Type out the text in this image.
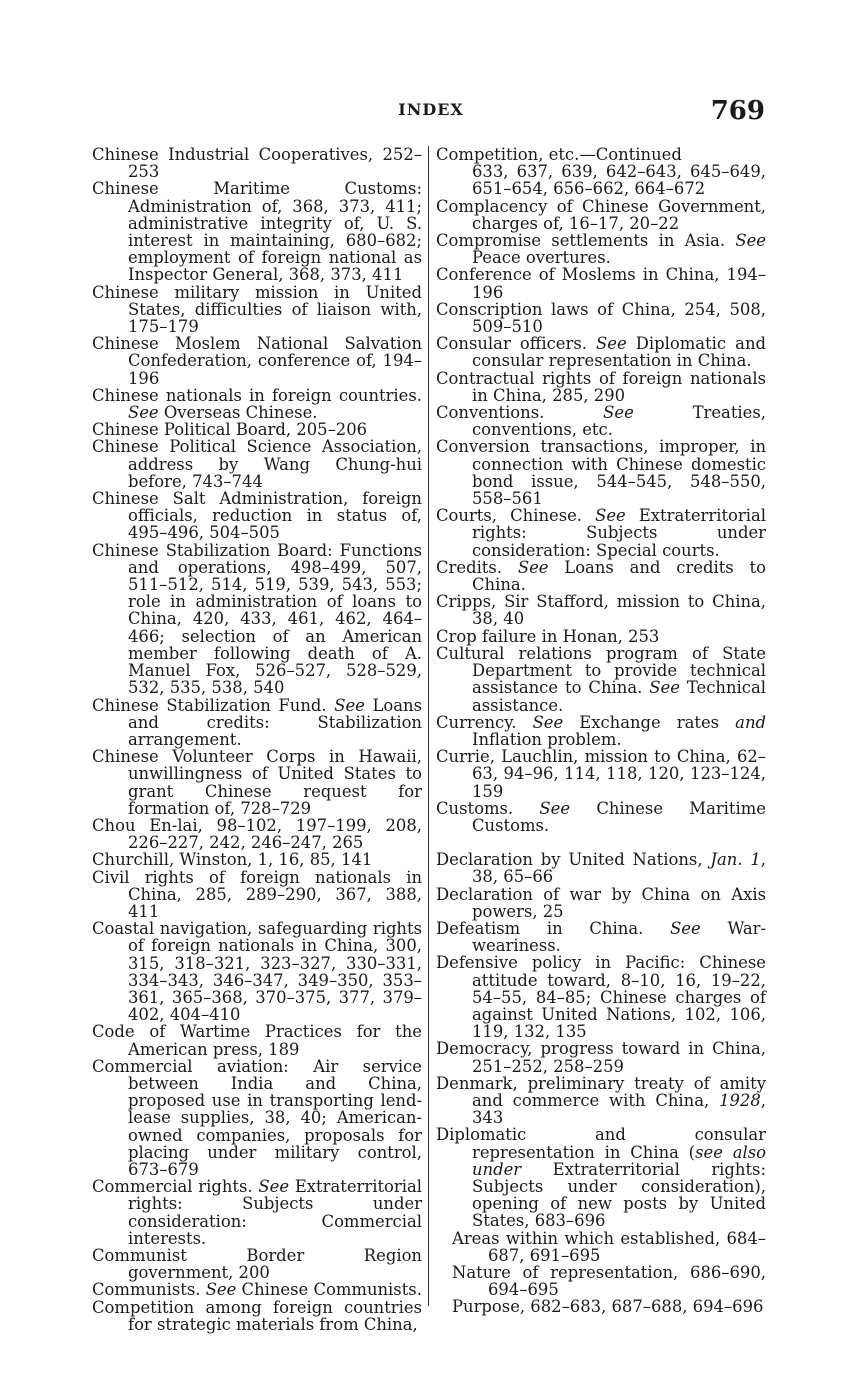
INDEX	769

Chinese Industrial Cooperatives, 252–253

Chinese Maritime Customs: Administration of, 368, 373, 411; administrative integrity of, U. S. interest in maintaining, 680–682; employment of foreign national as Inspector General, 368, 373, 411

Chinese military mission in United States, difficulties of liaison with, 175–179

Chinese Moslem National Salvation Confederation, conference of, 194–196

Chinese nationals in foreign countries. See Overseas Chinese.

Chinese Political Board, 205–206

Chinese Political Science Association, address by Wang Chung-hui before, 743–744

Chinese Salt Administration, foreign officials, reduction in status of, 495–496, 504–505

Chinese Stabilization Board: Functions and operations, 498–499, 507, 511–512, 514, 519, 539, 543, 553; role in administration of loans to China, 420, 433, 461, 462, 464–466; selection of an American member following death of A. Manuel Fox, 526–527, 528–529, 532, 535, 538, 540

Chinese Stabilization Fund. See Loans and credits: Stabilization arrangement.

Chinese Volunteer Corps in Hawaii, unwillingness of United States to grant Chinese request for formation of, 728–729

Chou En-lai, 98–102, 197–199, 208, 226–227, 242, 246–247, 265

Churchill, Winston, 1, 16, 85, 141

Civil rights of foreign nationals in China, 285, 289–290, 367, 388, 411

Coastal navigation, safeguarding rights of foreign nationals in China, 300, 315, 318–321, 323–327, 330–331, 334–343, 346–347, 349–350, 353–361, 365–368, 370–375, 377, 379–402, 404–410

Code of Wartime Practices for the American press, 189

Commercial aviation: Air service between India and China, proposed use in transporting lend-lease supplies, 38, 40; American-owned companies, proposals for placing under military control, 673–679

Commercial rights. See Extraterritorial rights: Subjects under consideration: Commercial interests.

Communist Border Region government, 200

Communists. See Chinese Communists.

Competition among foreign countries for strategic materials from China,

Competition, etc.—Continued

633, 637, 639, 642–643, 645–649, 651–654, 656–662, 664–672

Complacency of Chinese Government, charges of, 16–17, 20–22

Compromise settlements in Asia. See Peace overtures.

Conference of Moslems in China, 194–196

Conscription laws of China, 254, 508, 509–510

Consular officers. See Diplomatic and consular representation in China.

Contractual rights of foreign nationals in China, 285, 290

Conventions. See Treaties, conventions, etc.

Conversion transactions, improper, in connection with Chinese domestic bond issue, 544–545, 548–550, 558–561

Courts, Chinese. See Extraterritorial rights: Subjects under consideration: Special courts.

Credits. See Loans and credits to China.

Cripps, Sir Stafford, mission to China, 38, 40

Crop failure in Honan, 253

Cultural relations program of State Department to provide technical assistance to China. See Technical assistance.

Currency. See Exchange rates and Inflation problem.

Currie, Lauchlin, mission to China, 62–63, 94–96, 114, 118, 120, 123–124, 159

Customs. See Chinese Maritime Customs.

Declaration by United Nations, Jan. 1, 38, 65–66

Declaration of war by China on Axis powers, 25

Defeatism in China. See War-weariness.

Defensive policy in Pacific: Chinese attitude toward, 8–10, 16, 19–22, 54–55, 84–85; Chinese charges of against United Nations, 102, 106, 119, 132, 135

Democracy, progress toward in China, 251–252, 258–259

Denmark, preliminary treaty of amity and commerce with China, 1928, 343

Diplomatic and consular representation in China (see also under Extraterritorial rights: Subjects under consideration), opening of new posts by United States, 683–696

Areas within which established, 684–687, 691–695

Nature of representation, 686–690, 694–695

Purpose, 682–683, 687–688, 694–696
